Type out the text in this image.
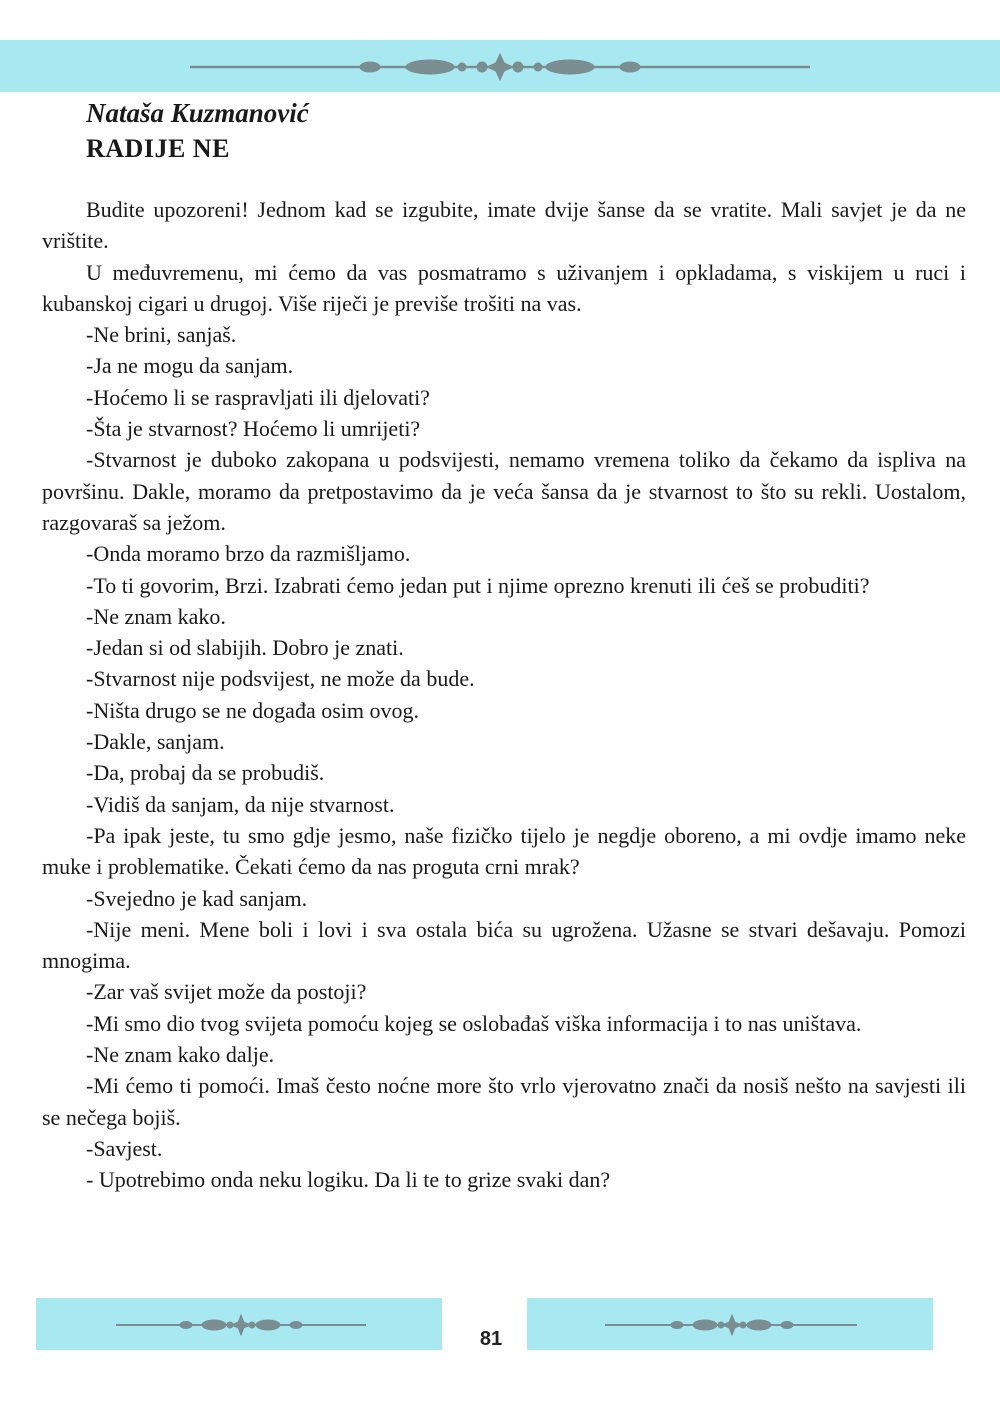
Nataša Kuzmanović
RADIJE NE

Budite upozoreni! Jednom kad se izgubite, imate dvije šanse da se vratite. Mali savjet je da ne vrištite.

U međuvremenu, mi ćemo da vas posmatramo s uživanjem i opkladama, s viskijem u ruci i kubanskoj cigari u drugoj. Više riječi je previše trošiti na vas.

-Ne brini, sanjaš.

-Ja ne mogu da sanjam.

-Hoćemo li se raspravljati ili djelovati?

-Šta je stvarnost? Hoćemo li umrijeti?

-Stvarnost je duboko zakopana u podsvijesti, nemamo vremena toliko da čekamo da ispliva na površinu. Dakle, moramo da pretpostavimo da je veća šansa da je stvarnost to što su rekli. Uostalom, razgovaraš sa ježom.

-Onda moramo brzo da razmišljamo.

-To ti govorim, Brzi. Izabrati ćemo jedan put i njime oprezno krenuti ili ćeš se probuditi?

-Ne znam kako.

-Jedan si od slabijih. Dobro je znati.

-Stvarnost nije podsvijest, ne može da bude.

-Ništa drugo se ne događa osim ovog.

-Dakle, sanjam.

-Da, probaj da se probudiš.

-Vidiš da sanjam, da nije stvarnost.

-Pa ipak jeste, tu smo gdje jesmo, naše fizičko tijelo je negdje oboreno, a mi ovdje imamo neke muke i problematike. Čekati ćemo da nas proguta crni mrak?

-Svejedno je kad sanjam.

-Nije meni. Mene boli i lovi i sva ostala bića su ugrožena. Užasne se stvari dešavaju. Pomozi mnogima.

-Zar vaš svijet može da postoji?

-Mi smo dio tvog svijeta pomoću kojeg se oslobađaš viška informacija i to nas uništava.

-Ne znam kako dalje.

-Mi ćemo ti pomoći. Imaš često noćne more što vrlo vjerovatno znači da nosiš nešto na savjesti ili se nečega bojiš.

-Savjest.

- Upotrebimo onda neku logiku. Da li te to grize svaki dan?

81
